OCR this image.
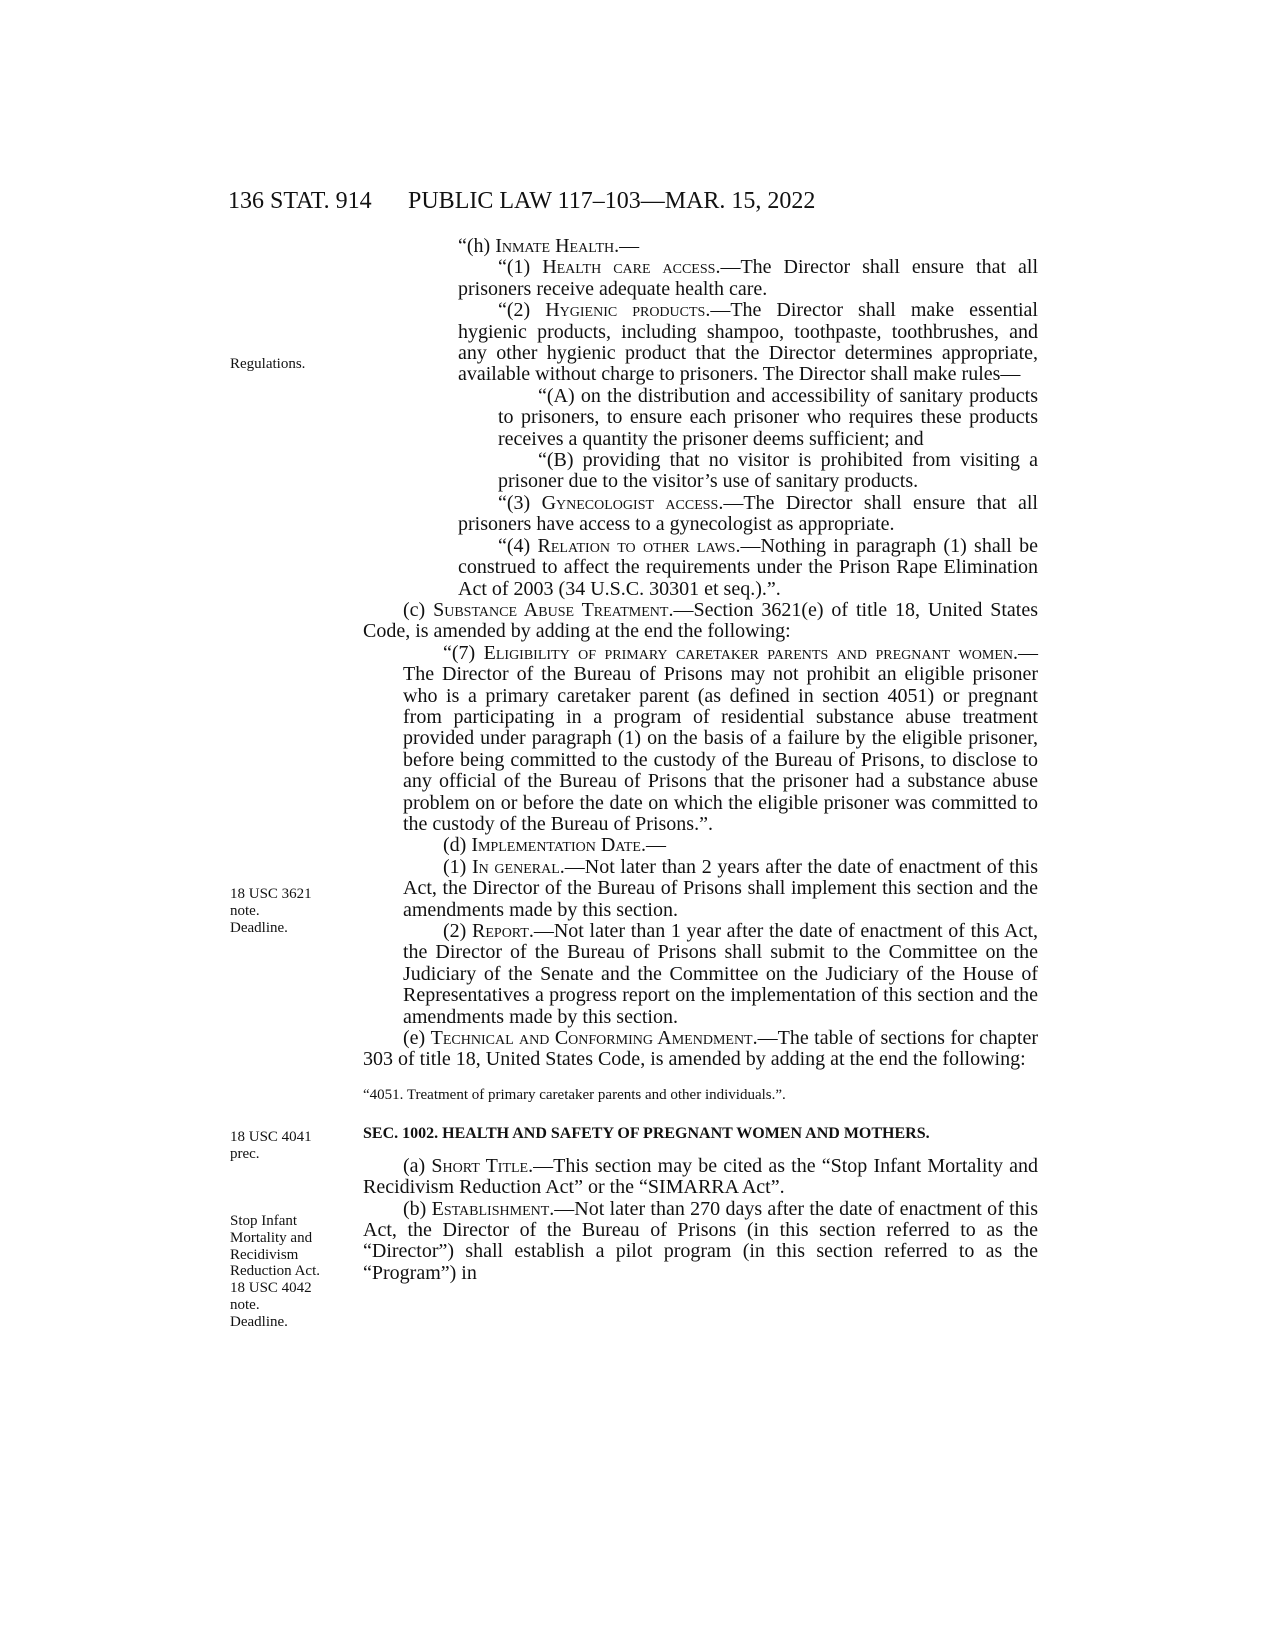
136 STAT. 914 PUBLIC LAW 117–103—MAR. 15, 2022
Regulations.
18 USC 3621
note.
Deadline.
18 USC 4041
prec.
Stop Infant
Mortality and
Recidivism
Reduction Act.
18 USC 4042
note.
Deadline.

“(h) Inmate Health.—

“(1) Health care access.—The Director shall ensure that all prisoners receive adequate health care.

“(2) Hygienic products.—The Director shall make essential hygienic products, including shampoo, toothpaste, toothbrushes, and any other hygienic product that the Director determines appropriate, available without charge to prisoners. The Director shall make rules—

“(A) on the distribution and accessibility of sanitary products to prisoners, to ensure each prisoner who requires these products receives a quantity the prisoner deems sufficient; and

“(B) providing that no visitor is prohibited from visiting a prisoner due to the visitor’s use of sanitary products.

“(3) Gynecologist access.—The Director shall ensure that all prisoners have access to a gynecologist as appropriate.

“(4) Relation to other laws.—Nothing in paragraph (1) shall be construed to affect the requirements under the Prison Rape Elimination Act of 2003 (34 U.S.C. 30301 et seq.).”.

(c) Substance Abuse Treatment.—Section 3621(e) of title 18, United States Code, is amended by adding at the end the following:

“(7) Eligibility of primary caretaker parents and pregnant women.—The Director of the Bureau of Prisons may not prohibit an eligible prisoner who is a primary caretaker parent (as defined in section 4051) or pregnant from participating in a program of residential substance abuse treatment provided under paragraph (1) on the basis of a failure by the eligible prisoner, before being committed to the custody of the Bureau of Prisons, to disclose to any official of the Bureau of Prisons that the prisoner had a substance abuse problem on or before the date on which the eligible prisoner was committed to the custody of the Bureau of Prisons.”.

(d) Implementation Date.—

(1) In general.—Not later than 2 years after the date of enactment of this Act, the Director of the Bureau of Prisons shall implement this section and the amendments made by this section.

(2) Report.—Not later than 1 year after the date of enactment of this Act, the Director of the Bureau of Prisons shall submit to the Committee on the Judiciary of the Senate and the Committee on the Judiciary of the House of Representatives a progress report on the implementation of this section and the amendments made by this section.

(e) Technical and Conforming Amendment.—The table of sections for chapter 303 of title 18, United States Code, is amended by adding at the end the following:

“4051. Treatment of primary caretaker parents and other individuals.”.

SEC. 1002. HEALTH AND SAFETY OF PREGNANT WOMEN AND MOTHERS.

(a) Short Title.—This section may be cited as the “Stop Infant Mortality and Recidivism Reduction Act” or the “SIMARRA Act”.

(b) Establishment.—Not later than 270 days after the date of enactment of this Act, the Director of the Bureau of Prisons (in this section referred to as the “Director”) shall establish a pilot program (in this section referred to as the “Program”) in
